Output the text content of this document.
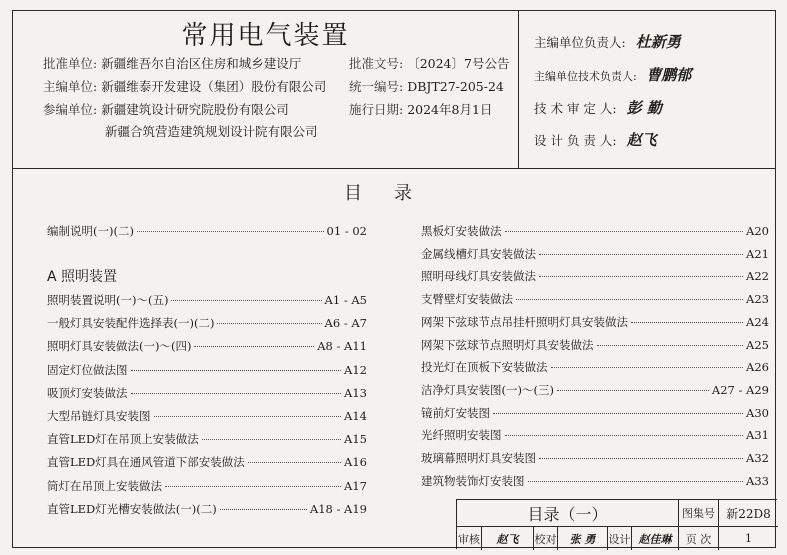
常用电气装置
批准单位: 新疆维吾尔自治区住房和城乡建设厅
主编单位: 新疆维泰开发建设（集团）股份有限公司
参编单位: 新疆建筑设计研究院股份有限公司
新疆合筑营造建筑规划设计院有限公司
批准文号: 〔2024〕7号公告
统一编号: DBJT27-205-24
施行日期: 2024年8月1日
主编单位负责人: 杜新勇
主编单位技术负责人: 曹鹏郁
技 术 审 定 人: 彭 勤
设 计 负 责 人: 赵飞
目录
编制说明(一)(二)	01 - 02
A 照明装置
照明装置说明(一)～(五)	A1 - A5
一般灯具安装配件选择表(一)(二)	A6 - A7
照明灯具安装做法(一)～(四)	A8 - A11
固定灯位做法图	A12
吸顶灯安装做法	A13
大型吊链灯具安装图	A14
直管LED灯在吊顶上安装做法	A15
直管LED灯具在通风管道下部安装做法	A16
筒灯在吊顶上安装做法	A17
直管LED灯光槽安装做法(一)(二)	A18 - A19
黑板灯安装做法	A20
金属线槽灯具安装做法	A21
照明母线灯具安装做法	A22
支臂壁灯安装做法	A23
网架下弦球节点吊挂杆照明灯具安装做法	A24
网架下弦球节点照明灯具安装做法	A25
投光灯在顶板下安装做法	A26
洁净灯具安装图(一)～(三)	A27 - A29
镜前灯安装图	A30
光纤照明安装图	A31
玻璃幕照明灯具安装图	A32
建筑物装饰灯安装图	A33
目录（一）	图集号 新22D8
审核	赵飞	校对	张 勇	设计 赵佳琳	页 次	1
